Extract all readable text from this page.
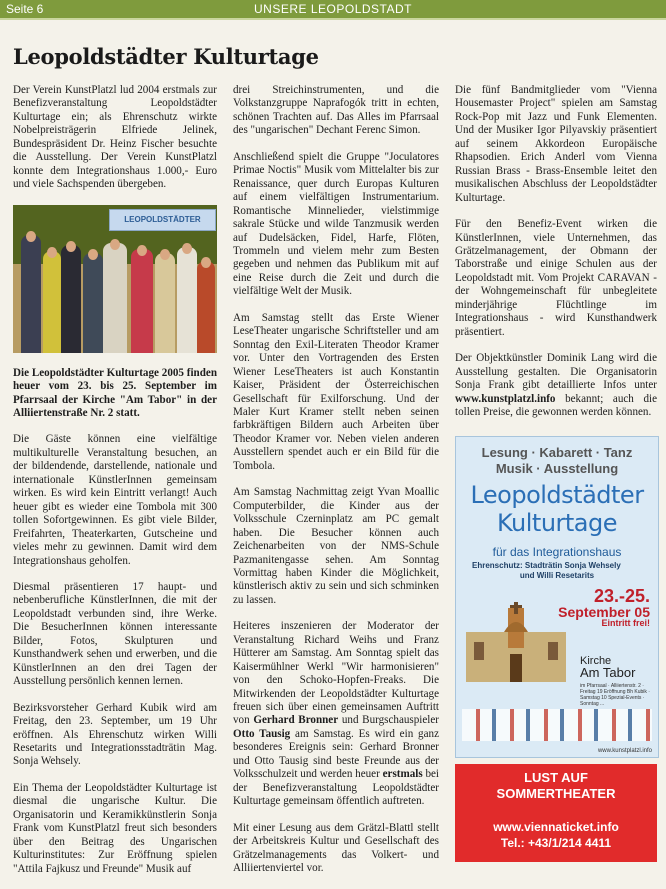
Seite 6	UNSERE LEOPOLDSTADT
Leopoldstädter Kulturtage

Der Verein KunstPlatzl lud 2004 erstmals zur Benefizveranstaltung Leopoldstädter Kulturtage ein; als Ehrenschutz wirkte Nobelpreisträgerin Elfriede Jelinek, Bundespräsident Dr. Heinz Fischer besuchte die Ausstellung. Der Verein KunstPlatzl konnte dem Integrationshaus 1.000,- Euro und viele Sachspenden übergeben.

LEOPOLDSTÄDTER

Die Leopoldstädter Kulturtage 2005 finden heuer vom 23. bis 25. September im Pfarrsaal der Kirche "Am Tabor" in der Alliiertenstraße Nr. 2 statt.

Die Gäste können eine vielfältige multikulturelle Veranstaltung besuchen, an der bildendende, darstellende, nationale und internationale KünstlerInnen gemeinsam wirken. Es wird kein Eintritt verlangt! Auch heuer gibt es wieder eine Tombola mit 300 tollen Sofortgewinnen. Es gibt viele Bilder, Freifahrten, Theaterkarten, Gutscheine und vieles mehr zu gewinnen. Damit wird dem Integrationshaus geholfen.

Diesmal präsentieren 17 haupt- und nebenberufliche KünstlerInnen, die mit der Leopoldstadt verbunden sind, ihre Werke. Die BesucherInnen können interessante Bilder, Fotos, Skulpturen und Kunsthandwerk sehen und erwerben, und die KünstlerInnen an den drei Tagen der Ausstellung persönlich kennen lernen.

Bezirksvorsteher Gerhard Kubik wird am Freitag, den 23. September, um 19 Uhr eröffnen. Als Ehrenschutz wirken Willi Resetarits und Integrationsstadträtin Mag. Sonja Wehsely.

Ein Thema der Leopoldstädter Kulturtage ist diesmal die ungarische Kultur. Die Organisatorin und Keramikkünstlerin Sonja Frank vom KunstPlatzl freut sich besonders über den Beitrag des Ungarischen Kulturinstitutes: Zur Eröffnung spielen "Attila Fajkusz und Freunde" Musik auf

drei Streichinstrumenten, und die Volkstanzgruppe Naprafogók tritt in echten, schönen Trachten auf. Das Alles im Pfarrsaal des "ungarischen" Dechant Ferenc Simon.

Anschließend spielt die Gruppe "Joculatores Primae Noctis" Musik vom Mittelalter bis zur Renaissance, quer durch Europas Kulturen auf einem vielfältigen Instrumentarium. Romantische Minnelieder, vielstimmige sakrale Stücke und wilde Tanzmusik werden auf Dudelsäcken, Fidel, Harfe, Flöten, Trommeln und vielem mehr zum Besten gegeben und nehmen das Publikum mit auf eine Reise durch die Zeit und durch die vielfältige Welt der Musik.

Am Samstag stellt das Erste Wiener LeseTheater ungarische Schriftsteller und am Sonntag den Exil-Literaten Theodor Kramer vor. Unter den Vortragenden des Ersten Wiener LeseTheaters ist auch Konstantin Kaiser, Präsident der Österreichischen Gesellschaft für Exilforschung. Und der Maler Kurt Kramer stellt neben seinen farbkräftigen Bildern auch Arbeiten über Theodor Kramer vor. Neben vielen anderen Ausstellern spendet auch er ein Bild für die Tombola.

Am Samstag Nachmittag zeigt Yvan Moallic Computerbilder, die Kinder aus der Volksschule Czerninplatz am PC gemalt haben. Die Besucher können auch Zeichenarbeiten von der NMS-Schule Pazmanitengasse sehen. Am Sonntag Vormittag haben Kinder die Möglichkeit, künstlerisch aktiv zu sein und sich schminken zu lassen.

Heiteres inszenieren der Moderator der Veranstaltung Richard Weihs und Franz Hütterer am Samstag. Am Sonntag spielt das Kaisermühlner Werkl "Wir harmonisieren" von den Schoko-Hopfen-Freaks. Die Mitwirkenden der Leopoldstädter Kulturtage freuen sich über einen gemeinsamen Auftritt von Gerhard Bronner und Burgschauspieler Otto Tausig am Samstag. Es wird ein ganz besonderes Ereignis sein: Gerhard Bronner und Otto Tausig sind beste Freunde aus der Volksschulzeit und werden heuer erstmals bei der Benefizveranstaltung Leopoldstädter Kulturtage gemeinsam öffentlich auftreten.

Mit einer Lesung aus dem Grätzl-Blattl stellt der Arbeitskreis Kultur und Gesellschaft des Grätzelmanagements das Volkert- und Alliiertenviertel vor.

Die fünf Bandmitglieder vom "Vienna Housemaster Project" spielen am Samstag Rock-Pop mit Jazz und Funk Elementen. Und der Musiker Igor Pilyavskiy präsentiert auf seinem Akkordeon Europäische Rhapsodien. Erich Anderl vom Vienna Russian Brass - Brass-Ensemble leitet den musikalischen Abschluss der Leopoldstädter Kulturtage.

Für den Benefiz-Event wirken die KünstlerInnen, viele Unternehmen, das Grätzelmanagement, der Obmann der Taborstraße und einige Schulen aus der Leopoldstadt mit. Vom Projekt CARAVAN - der Wohngemeinschaft für unbegleitete minderjährige Flüchtlinge im Integrationshaus - wird Kunsthandwerk präsentiert.

Der Objektkünstler Dominik Lang wird die Ausstellung gestalten. Die Organisatorin Sonja Frank gibt detaillierte Infos unter www.kunstplatzl.info bekannt; auch die tollen Preise, die gewonnen werden können.

Lesung · Kabarett · Tanz
Musik · Ausstellung
Leopoldstädter
Kulturtage
für das Integrationshaus
Ehrenschutz: Stadträtin Sonja Wehsely
und Willi Resetarits
23.-25.
September 05
Eintritt frei!
Kirche
Am Tabor
im Pfarrsaal · Alliiertenstr. 2 · Freitag 19 Eröffnung Bh Kubik · Samstag 10 Spezial-Events · Sonntag ...
www.kunstplatzl.info
LUST AUF
SOMMERTHEATER
www.viennaticket.info
Tel.: +43/1/214 4411
